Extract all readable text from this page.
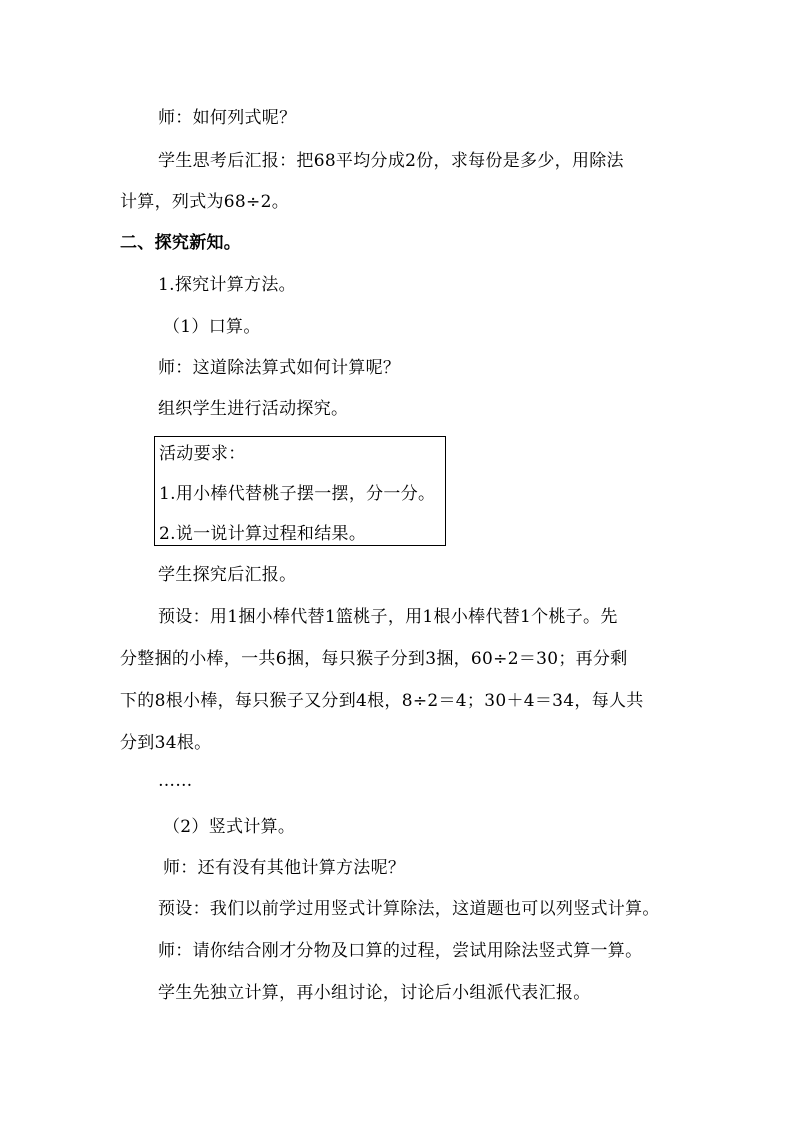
师：如何列式呢？
学生思考后汇报：把68平均分成2份，求每份是多少，用除法
计算，列式为68÷2。
二、探究新知。
1.探究计算方法。
（1）口算。
师：这道除法算式如何计算呢？
组织学生进行活动探究。
活动要求：
1.用小棒代替桃子摆一摆，分一分。
2.说一说计算过程和结果。
学生探究后汇报。
预设：用1捆小棒代替1篮桃子，用1根小棒代替1个桃子。先
分整捆的小棒，一共6捆，每只猴子分到3捆，60÷2＝30；再分剩
下的8根小棒，每只猴子又分到4根，8÷2＝4；30＋4＝34，每人共
分到34根。
……
（2）竖式计算。
师：还有没有其他计算方法呢？
预设：我们以前学过用竖式计算除法，这道题也可以列竖式计算。
师：请你结合刚才分物及口算的过程，尝试用除法竖式算一算。
学生先独立计算，再小组讨论，讨论后小组派代表汇报。
